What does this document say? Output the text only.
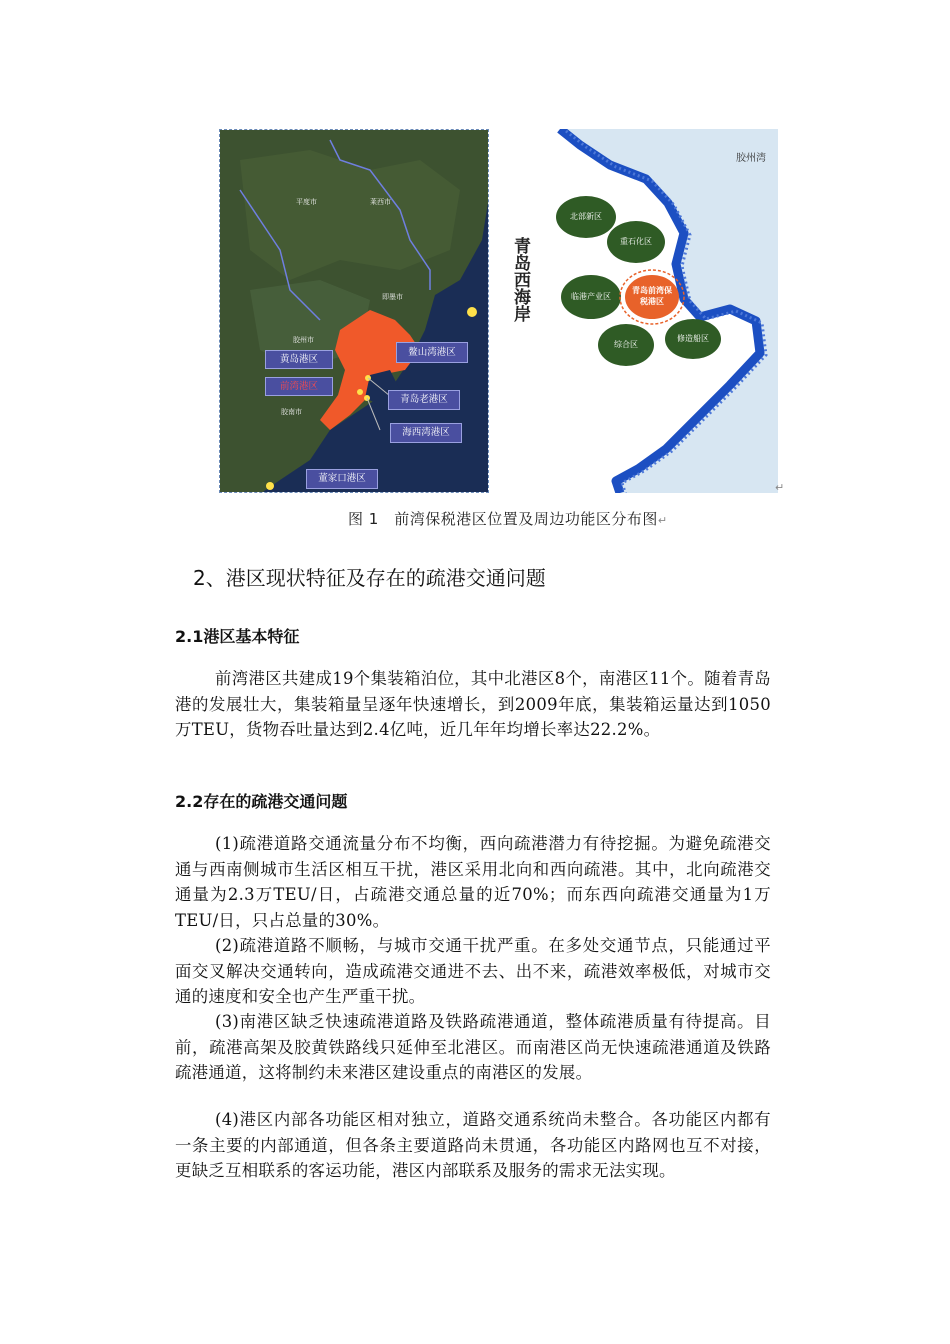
平度市	莱西市
即墨市
胶州市
胶南市
黄岛港区
前湾港区
鳌山湾港区
青岛老港区
海西湾港区
董家口港区
胶州湾
青岛西海岸
北部新区
重石化区
临港产业区
青岛前湾保税港区
综合区
修造船区
↵
图 1　前湾保税港区位置及周边功能区分布图↵
2、港区现状特征及存在的疏港交通问题
2.1港区基本特征
前湾港区共建成19个集装箱泊位，其中北港区8个，南港区11个。随着青岛港的发展壮大，集装箱量呈逐年快速增长，到2009年底，集装箱运量达到1050万TEU，货物吞吐量达到2.4亿吨，近几年年均增长率达22.2%。
2.2存在的疏港交通问题
(1)疏港道路交通流量分布不均衡，西向疏港潜力有待挖掘。为避免疏港交通与西南侧城市生活区相互干扰，港区采用北向和西向疏港。其中，北向疏港交通量为2.3万TEU/日，占疏港交通总量的近70%；而东西向疏港交通量为1万TEU/日，只占总量的30%。
(2)疏港道路不顺畅，与城市交通干扰严重。在多处交通节点，只能通过平面交叉解决交通转向，造成疏港交通进不去、出不来，疏港效率极低，对城市交通的速度和安全也产生严重干扰。
(3)南港区缺乏快速疏港道路及铁路疏港通道，整体疏港质量有待提高。目前，疏港高架及胶黄铁路线只延伸至北港区。而南港区尚无快速疏港通道及铁路疏港通道，这将制约未来港区建设重点的南港区的发展。
(4)港区内部各功能区相对独立，道路交通系统尚未整合。各功能区内都有一条主要的内部通道，但各条主要道路尚未贯通，各功能区内路网也互不对接，更缺乏互相联系的客运功能，港区内部联系及服务的需求无法实现。
